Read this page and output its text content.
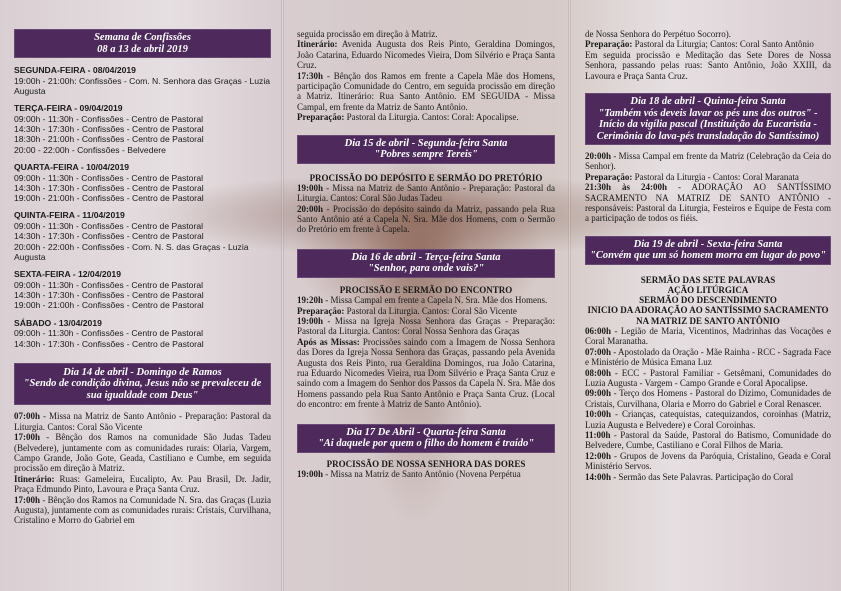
Semana de Confissões
08 a 13 de abril 2019
SEGUNDA-FEIRA - 08/04/2019
19:00h - 21:00h: Confissões - Com. N. Senhora das Graças - Luzia Augusta
TERÇA-FEIRA - 09/04/2019
09:00h - 11:30h - Confissões - Centro de Pastoral
14:30h - 17:30h - Confissões - Centro de Pastoral
18:30h - 21:00h - Confissões - Centro de Pastoral
20:00 - 22:00h - Confissões - Belvedere
QUARTA-FEIRA - 10/04/2019
09:00h - 11:30h - Confissões - Centro de Pastoral
14:30h - 17:30h - Confissões - Centro de Pastoral
19:00h - 21:00h - Confissões - Centro de Pastoral
QUINTA-FEIRA - 11/04/2019
09:00h - 11:30h - Confissões - Centro de Pastoral
14:30h - 17:30h - Confissões - Centro de Pastoral
20:00h - 22:00h - Confissões - Com. N. S. das Graças - Luzia Augusta
SEXTA-FEIRA - 12/04/2019
09:00h - 11:30h - Confissões - Centro de Pastoral
14:30h - 17:30h - Confissões - Centro de Pastoral
19:00h - 21:00h - Confissões - Centro de Pastoral
SÁBADO - 13/04/2019
09:00h - 11:30h - Confissões - Centro de Pastoral
14:30h - 17:30h - Confissões - Centro de Pastoral
Dia 14 de abril - Domingo de Ramos
"Sendo de condição divina, Jesus não se prevaleceu de sua igualdade com Deus"
07:00h - Missa na Matriz de Santo Antônio - Preparação: Pastoral da Liturgia. Cantos: Coral São Vicente
17:00h - Bênção dos Ramos na comunidade São Judas Tadeu (Belvedere), juntamente com as comunidades rurais: Olaria, Vargem, Campo Grande, João Gote, Geada, Castiliano e Cumbe, em seguida procissão em direção à Matriz.
Itinerário: Ruas: Gameleira, Eucalipto, Av. Pau Brasil, Dr. Jadir, Praça Edmundo Pinto, Lavoura e Praça Santa Cruz.
17:00h - Bênção dos Ramos na Comunidade N. Sra. das Graças (Luzia Augusta), juntamente com as comunidades rurais: Cristais, Curvilhana, Cristalino e Morro do Gabriel em
seguida procissão em direção à Matriz.
Itinerário: Avenida Augusta dos Reis Pinto, Geraldina Domingos, João Catarina, Eduardo Nicomedes Vieira, Dom Silvério e Praça Santa Cruz.
17:30h - Bênção dos Ramos em frente a Capela Mãe dos Homens, participação Comunidade do Centro, em seguida procissão em direção a Matriz. Itinerário: Rua Santo Antônio. EM SEGUIDA - Missa Campal, em frente da Matriz de Santo Antônio.
Preparação: Pastoral da Liturgia. Cantos: Coral: Apocalipse.
Dia 15 de abril - Segunda-feira Santa
"Pobres sempre Tereis"
PROCISSÃO DO DEPÓSITO E SERMÃO DO PRETÓRIO
19:00h - Missa na Matriz de Santo Antônio - Preparação: Pastoral da Liturgia. Cantos: Coral São Judas Tadeu
20:00h - Procissão do depósito saindo da Matriz, passando pela Rua Santo Antônio até a Capela N. Sra. Mãe dos Homens, com o Sermão do Pretório em frente à Capela.
Dia 16 de abril - Terça-feira Santa
"Senhor, para onde vais?"
PROCISSÃO E SERMÃO DO ENCONTRO
19:20h - Missa Campal em frente a Capela N. Sra. Mãe dos Homens.
Preparação: Pastoral da Liturgia. Cantos: Coral São Vicente
19:00h - Missa na Igreja Nossa Senhora das Graças - Preparação: Pastoral da Liturgia. Cantos: Coral Nossa Senhora das Graças
Após as Missas: Procissões saindo com a Imagem de Nossa Senhora das Dores da Igreja Nossa Senhora das Graças, passando pela Avenida Augusta dos Reis Pinto, rua Geraldina Domingos, rua João Catarina, rua Eduardo Nicomedes Vieira, rua Dom Silvério e Praça Santa Cruz e saindo com a Imagem do Senhor dos Passos da Capela N. Sra. Mãe dos Homens passando pela Rua Santo Antônio e Praça Santa Cruz. (Local do encontro: em frente à Matriz de Santo Antônio).
Dia 17 De Abril - Quarta-feira Santa
"Ai daquele por quem o filho do homem é traído"
PROCISSÃO DE NOSSA SENHORA DAS DORES
19:00h - Missa na Matriz de Santo Antônio (Novena Perpétua
de Nossa Senhora do Perpétuo Socorro).
Preparação: Pastoral da Liturgia; Cantos: Coral Santo Antônio
Em seguida procissão e Meditação das Sete Dores de Nossa Senhora, passando pelas ruas: Santo Antônio, João XXIII, da Lavoura e Praça Santa Cruz.
Dia 18 de abril - Quinta-feira Santa
"Também vós deveis lavar os pés uns dos outros" - Início da vigília pascal (Instituição da Eucaristia - Cerimônia do lava-pés transladação do Santíssimo)
20:00h - Missa Campal em frente da Matriz (Celebração da Ceia do Senhor).
Preparação: Pastoral da Liturgia - Cantos: Coral Maranata
21:30h às 24:00h - ADORAÇÃO AO SANTÍSSIMO SACRAMENTO NA MATRIZ DE SANTO ANTÔNIO - responsáveis: Pastoral da Liturgia, Festeiros e Equipe de Festa com a participação de todos os fiéis.
Dia 19 de abril - Sexta-feira Santa
"Convém que um só homem morra em lugar do povo"
SERMÃO DAS SETE PALAVRAS
AÇÃO LITÚRGICA
SERMÃO DO DESCENDIMENTO
INICIO DA ADORAÇÃO AO SANTÍSSIMO SACRAMENTO NA MATRIZ DE SANTO ANTÔNIO
06:00h - Legião de Maria, Vicentinos, Madrinhas das Vocações e Coral Maranatha.
07:00h - Apostolado da Oração - Mãe Rainha - RCC - Sagrada Face e Ministério de Música Emana Luz
08:00h - ECC - Pastoral Familiar - Getsêmani, Comunidades do Luzia Augusta - Vargem - Campo Grande e Coral Apocalipse.
09:00h - Terço dos Homens - Pastoral do Dízimo, Comunidades de Cristais, Curvilhana, Olaria e Morro do Gabriel e Coral Renascer.
10:00h - Crianças, catequistas, catequizandos, coroinhas (Matriz, Luzia Augusta e Belvedere) e Coral Coroinhas.
11:00h - Pastoral da Saúde, Pastoral do Batismo, Comunidade do Belvedere, Cumbe, Castiliano e Coral Filhos de Maria.
12:00h - Grupos de Jovens da Paróquia, Cristalino, Geada e Coral Ministério Servos.
14:00h - Sermão das Sete Palavras. Participação do Coral
